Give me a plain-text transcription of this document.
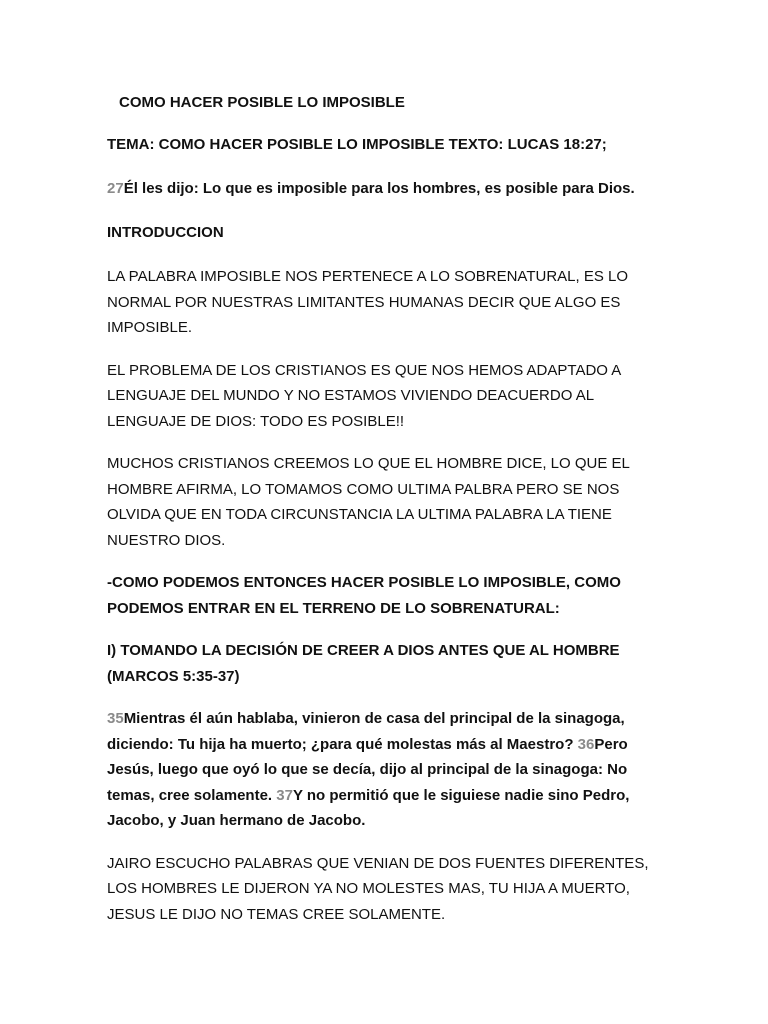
COMO HACER POSIBLE LO IMPOSIBLE
TEMA: COMO HACER POSIBLE LO IMPOSIBLE TEXTO: LUCAS 18:27;
27Él les dijo: Lo que es imposible para los hombres, es posible para Dios.
INTRODUCCION

LA PALABRA IMPOSIBLE NOS PERTENECE A LO SOBRENATURAL, ES LO NORMAL POR NUESTRAS LIMITANTES HUMANAS DECIR QUE ALGO ES IMPOSIBLE.

EL PROBLEMA DE LOS CRISTIANOS ES QUE NOS HEMOS ADAPTADO A LENGUAJE DEL MUNDO Y NO ESTAMOS VIVIENDO DEACUERDO AL LENGUAJE DE DIOS: TODO ES POSIBLE!!

MUCHOS CRISTIANOS CREEMOS LO QUE EL HOMBRE DICE, LO QUE EL HOMBRE AFIRMA, LO TOMAMOS COMO ULTIMA PALBRA PERO SE NOS OLVIDA QUE EN TODA CIRCUNSTANCIA LA ULTIMA PALABRA LA TIENE NUESTRO DIOS.

-COMO PODEMOS ENTONCES HACER POSIBLE LO IMPOSIBLE, COMO PODEMOS ENTRAR EN EL TERRENO DE LO SOBRENATURAL:

I) TOMANDO LA DECISIÓN DE CREER A DIOS ANTES QUE AL HOMBRE (MARCOS 5:35-37)

35Mientras él aún hablaba, vinieron de casa del principal de la sinagoga, diciendo: Tu hija ha muerto; ¿para qué molestas más al Maestro? 36Pero Jesús, luego que oyó lo que se decía, dijo al principal de la sinagoga: No temas, cree solamente. 37Y no permitió que le siguiese nadie sino Pedro, Jacobo, y Juan hermano de Jacobo.

JAIRO ESCUCHO PALABRAS QUE VENIAN DE DOS FUENTES DIFERENTES, LOS HOMBRES LE DIJERON YA NO MOLESTES MAS, TU HIJA A MUERTO, JESUS LE DIJO NO TEMAS CREE SOLAMENTE.
